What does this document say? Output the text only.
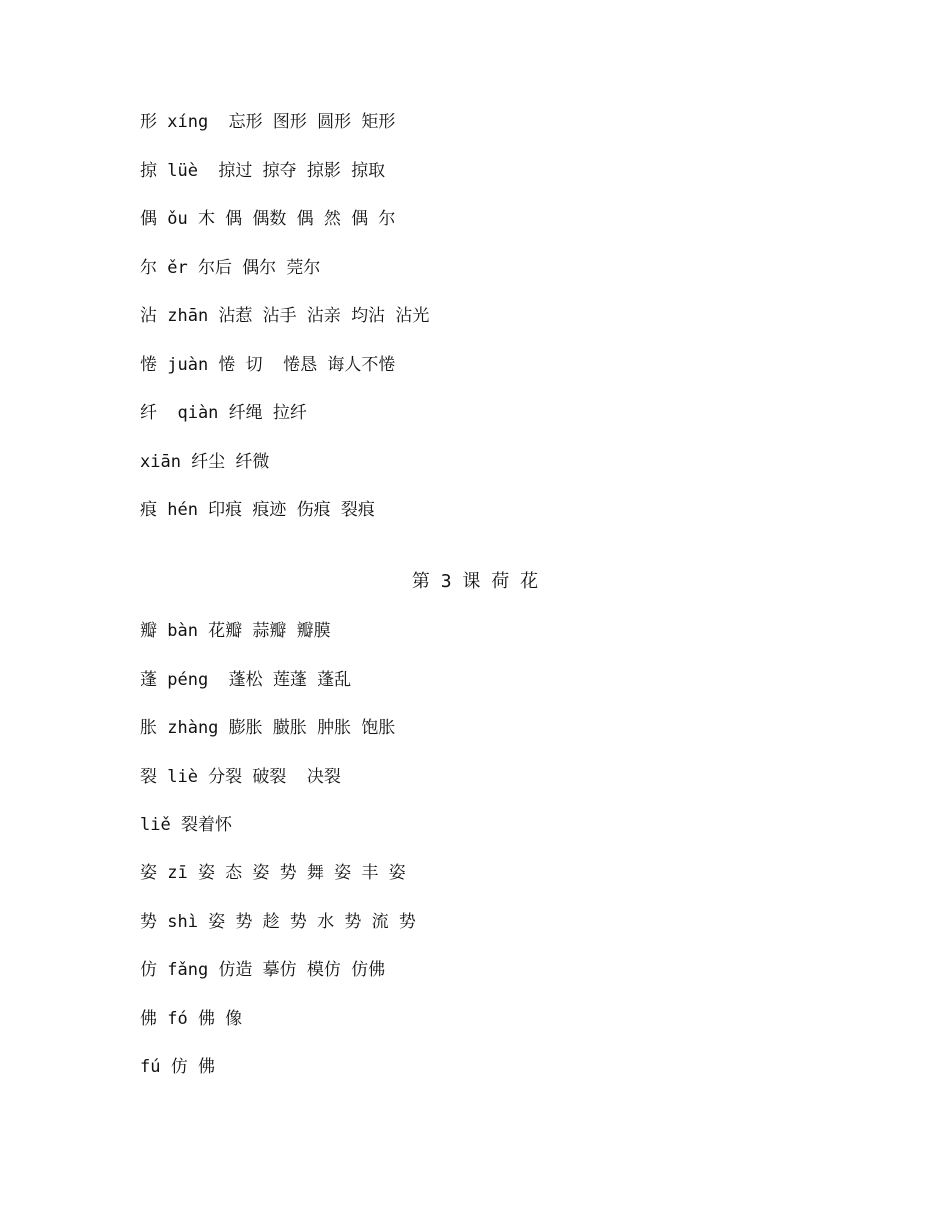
形 xíng  忘形 图形 圆形 矩形
掠 lüè  掠过 掠夺 掠影 掠取
偶 ǒu 木 偶 偶数 偶 然 偶 尔
尔 ěr 尔后 偶尔 莞尔
沾 zhān 沾惹 沾手 沾亲 均沾 沾光
惓 juàn 惓 切  惓恳 诲人不惓
纤  qiàn 纤绳 拉纤
xiān 纤尘 纤微
痕 hén 印痕 痕迹 伤痕 裂痕
第 3 课 荷 花
瓣 bàn 花瓣 蒜瓣 瓣膜
蓬 péng  蓬松 莲蓬 蓬乱
胀 zhàng 膨胀 臌胀 肿胀 饱胀
裂 liè 分裂 破裂  决裂
liě 裂着怀
姿 zī 姿 态 姿 势 舞 姿 丰 姿
势 shì 姿 势 趁 势 水 势 流 势
仿 fǎng 仿造 摹仿 模仿 仿佛
佛 fó 佛 像
fú 仿 佛
